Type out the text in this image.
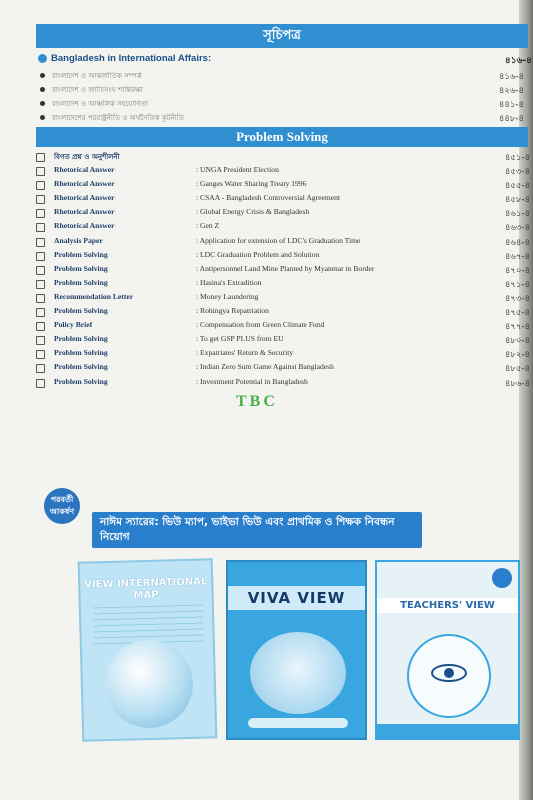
সূচিপত্র
Bangladesh in International Affairs:	৪১৬-৪
বাংলাদেশ ও আন্তর্জাতিক সম্পর্ক	৪১৬-৪
বাংলাদেশ ও জাতিসংঘ শান্তিরক্ষা	৪২৬-৪
বাংলাদেশ ও আঞ্চলিক সহযোগিতা	৪৪১-৪
বাংলাদেশের পররাষ্ট্রনীতি ও অর্থনৈতিক কূটনীতি	৪৪৮-৪
Problem Solving
বিগত প্রশ্ন ও অনুশীলনী	৪৫১-৪
Rhetorical Answer	: UNGA President Election	৪৫৩-৪
Rhetorical Answer	: Ganges Water Sharing Treaty 1996	৪৫৫-৪
Rhetorical Answer	: CSAA - Bangladesh Controversial Agreement	৪৫৮-৪
Rhetorical Answer	: Global Energy Crisis & Bangladesh	৪৬১-৪
Rhetorical Answer	: Gen Z	৪৬৩-৪
Analysis Paper	: Application for extension of LDC's Graduation Time	৪৬৪-৪
Problem Solving	: LDC Graduation Problem and Solution	৪৬৭-৪
Problem Solving	: Antipersonnel Land Mine Planted by Myanmar in Border	৪৭০-৪
Problem Solving	: Hasina's Extradition	৪৭১-৪
Recommendation Letter	: Money Laundering	৪৭৩-৪
Problem Solving	: Rohingya Repatriation	৪৭৫-৪
Policy Brief	: Compensation from Green Climate Fund	৪৭৭-৪
Problem Solving	: To get GSP PLUS from EU	৪৮০-৪
Problem Solving	: Expatriates' Return & Security	৪৮২-৪
Problem Solving	: Indian Zero Sum Game Against Bangladesh	৪৮৫-৪
Problem Solving	: Investment Potential in Bangladesh	৪৮৬-৪
TBC
পরবর্তী আকর্ষণ
নাঈম স্যারের: ভিউ ম্যাপ, ভাইভা ভিউ এবং প্রাথমিক ও শিক্ষক নিবন্ধন নিয়োগ
VIEW INTERNATIONAL MAP	VIVA VIEW	TEACHERS' VIEW
